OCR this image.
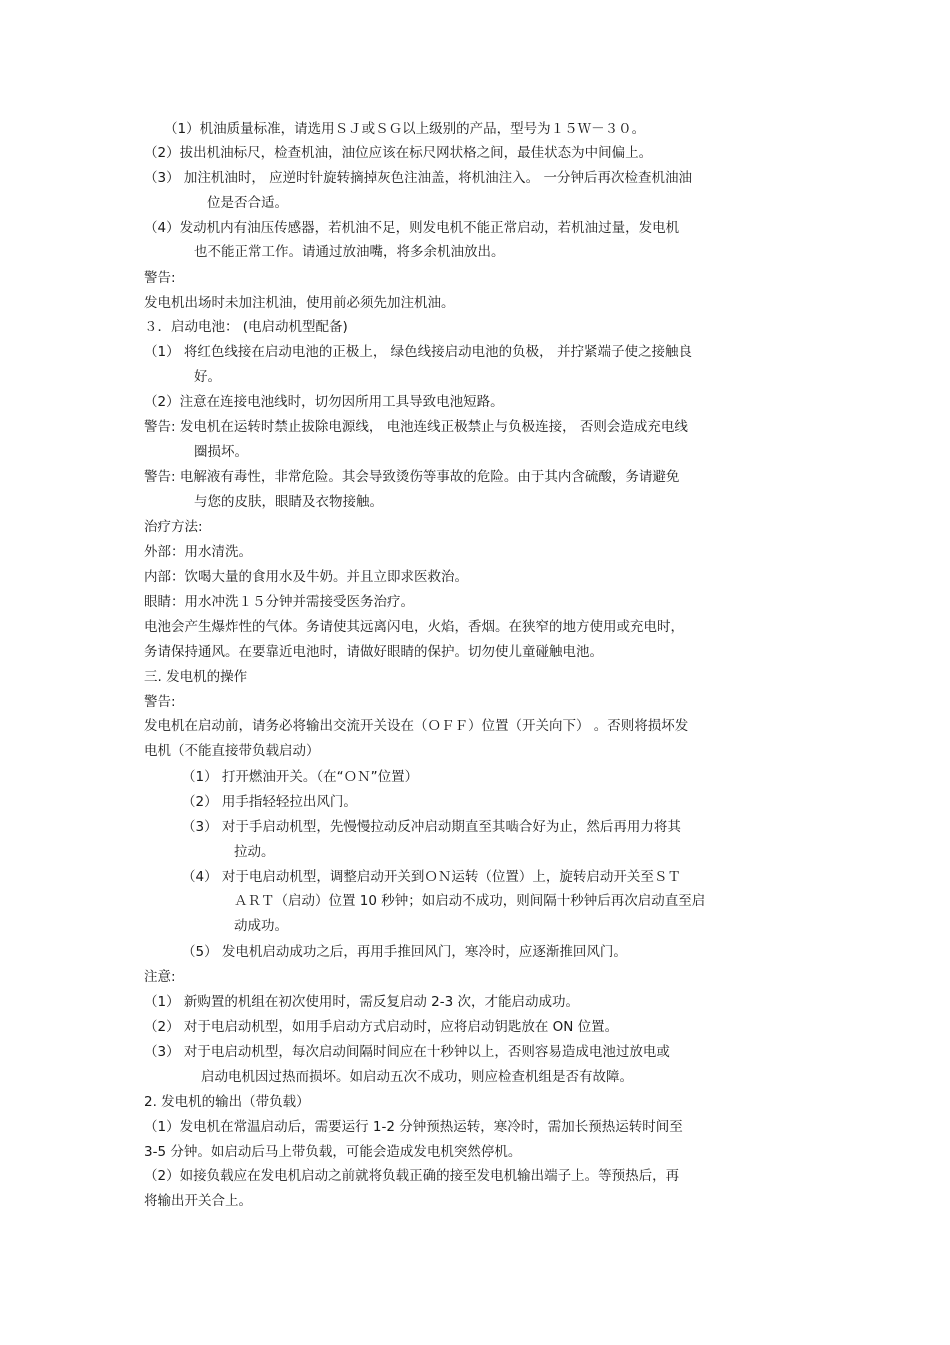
（1）机油质量标准，请选用ＳＪ或ＳＧ以上级别的产品，型号为１５Ｗ－３０。
（2）拔出机油标尺，检查机油，油位应该在标尺网状格之间，最佳状态为中间偏上。
（3） 加注机油时， 应逆时针旋转摘掉灰色注油盖，将机油注入。 一分钟后再次检查机油油
位是否合适。
（4）发动机内有油压传感器，若机油不足，则发电机不能正常启动，若机油过量，发电机
也不能正常工作。请通过放油嘴，将多余机油放出。
警告:
发电机出场时未加注机油，使用前必须先加注机油。
３．启动电池： (电启动机型配备)
（1） 将红色线接在启动电池的正极上， 绿色线接启动电池的负极， 并拧紧端子使之接触良
好。
（2）注意在连接电池线时，切勿因所用工具导致电池短路。
警告: 发电机在运转时禁止拔除电源线， 电池连线正极禁止与负极连接， 否则会造成充电线
圈损坏。
警告: 电解液有毒性，非常危险。其会导致烫伤等事故的危险。由于其内含硫酸，务请避免
与您的皮肤，眼睛及衣物接触。
治疗方法:
外部：用水清洗。
内部：饮喝大量的食用水及牛奶。并且立即求医救治。
眼睛：用水冲洗１５分钟并需接受医务治疗。
电池会产生爆炸性的气体。务请使其远离闪电，火焰，香烟。在狭窄的地方使用或充电时，
务请保持通风。在要靠近电池时，请做好眼睛的保护。切勿使儿童碰触电池。
三. 发电机的操作
警告:
发电机在启动前，请务必将输出交流开关设在（ＯＦＦ）位置（开关向下） 。否则将损坏发
电机（不能直接带负载启动）
（1） 打开燃油开关。（在“ＯＮ”位置）
（2） 用手指轻轻拉出风门。
（3） 对于手启动机型，先慢慢拉动反冲启动期直至其啮合好为止，然后再用力将其
拉动。
（4） 对于电启动机型，调整启动开关到ＯＮ运转（位置）上，旋转启动开关至ＳＴ
ＡＲＴ（启动）位置 10 秒钟；如启动不成功，则间隔十秒钟后再次启动直至启
动成功。
（5） 发电机启动成功之后，再用手推回风门，寒冷时，应逐渐推回风门。
注意:
（1） 新购置的机组在初次使用时，需反复启动 2-3 次，才能启动成功。
（2） 对于电启动机型，如用手启动方式启动时，应将启动钥匙放在 ON 位置。
（3） 对于电启动机型，每次启动间隔时间应在十秒钟以上，否则容易造成电池过放电或
启动电机因过热而损坏。如启动五次不成功，则应检查机组是否有故障。
2. 发电机的输出（带负载）
（1）发电机在常温启动后，需要运行 1-2 分钟预热运转，寒冷时，需加长预热运转时间至
3-5 分钟。如启动后马上带负载，可能会造成发电机突然停机。
（2）如接负载应在发电机启动之前就将负载正确的接至发电机输出端子上。等预热后，再
将输出开关合上。
